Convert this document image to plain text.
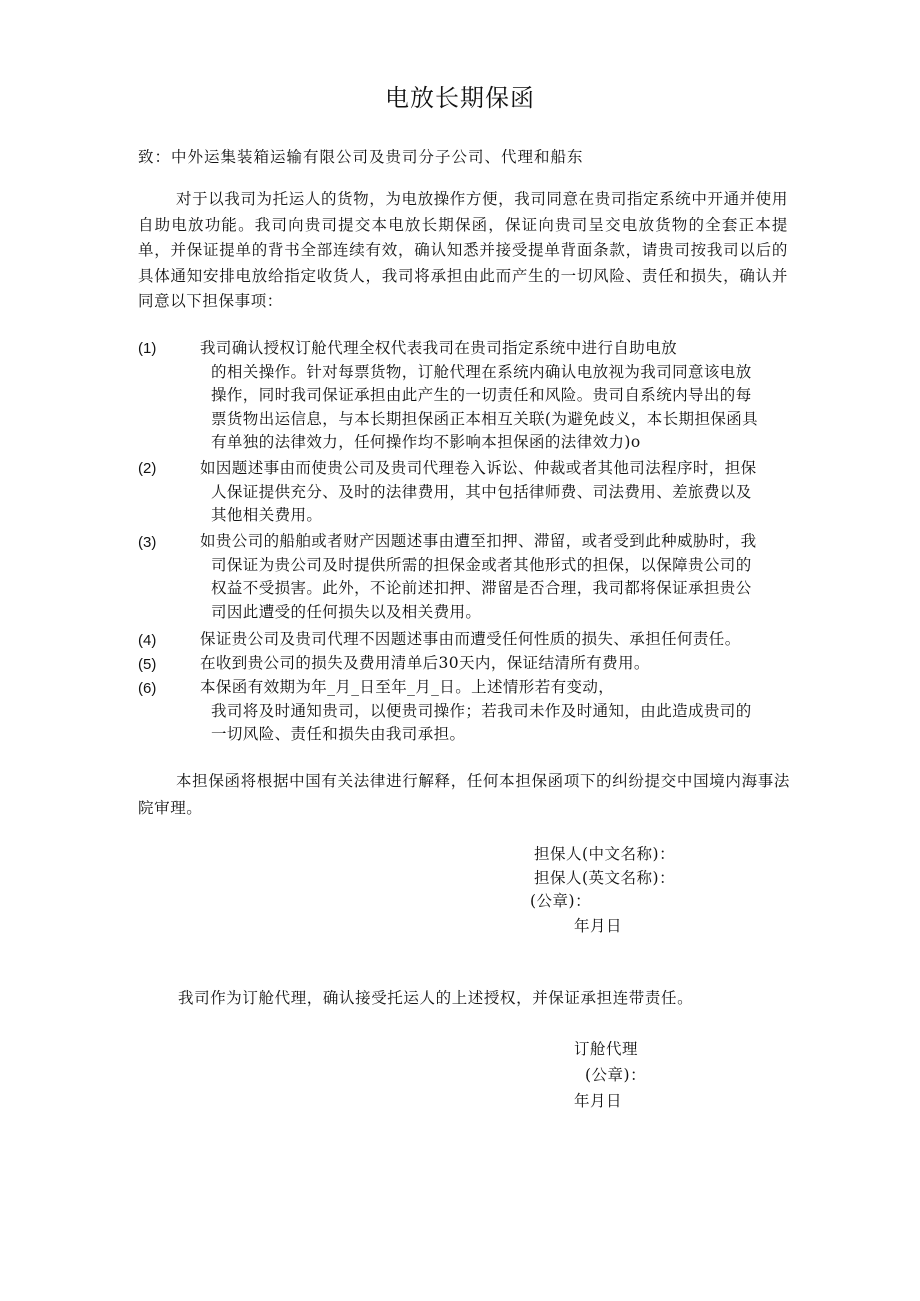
电放长期保函
致：中外运集装箱运输有限公司及贵司分子公司、代理和船东
对于以我司为托运人的货物，为电放操作方便，我司同意在贵司指定系统中开通并使用自助电放功能。我司向贵司提交本电放长期保函，保证向贵司呈交电放货物的全套正本提单，并保证提单的背书全部连续有效，确认知悉并接受提单背面条款，请贵司按我司以后的具体通知安排电放给指定收货人，我司将承担由此而产生的一切风险、责任和损失，确认并同意以下担保事项：
(1)	我司确认授权订舱代理全权代表我司在贵司指定系统中进行自助电放
的相关操作。针对每票货物，订舱代理在系统内确认电放视为我司同意该电放
操作，同时我司保证承担由此产生的一切责任和风险。贵司自系统内导出的每
票货物出运信息，与本长期担保函正本相互关联(为避免歧义，本长期担保函具
有单独的法律效力，任何操作均不影响本担保函的法律效力)o
(2)	如因题述事由而使贵公司及贵司代理卷入诉讼、仲裁或者其他司法程序时，担保
人保证提供充分、及时的法律费用，其中包括律师费、司法费用、差旅费以及
其他相关费用。
(3)	如贵公司的船舶或者财产因题述事由遭至扣押、滞留，或者受到此种威胁时，我
司保证为贵公司及时提供所需的担保金或者其他形式的担保，以保障贵公司的
权益不受损害。此外，不论前述扣押、滞留是否合理，我司都将保证承担贵公
司因此遭受的任何损失以及相关费用。
(4)	保证贵公司及贵司代理不因题述事由而遭受任何性质的损失、承担任何责任。
(5)	在收到贵公司的损失及费用清单后30天内，保证结清所有费用。
(6)	本保函有效期为年_月_日至年_月_日。上述情形若有变动，
我司将及时通知贵司，以便贵司操作；若我司未作及时通知，由此造成贵司的
一切风险、责任和损失由我司承担。
本担保函将根据中国有关法律进行解释，任何本担保函项下的纠纷提交中国境内海事法院审理。
担保人(中文名称)：
担保人(英文名称)：
(公章)：
年月日
我司作为订舱代理，确认接受托运人的上述授权，并保证承担连带责任。
订舱代理
(公章)：
年月日
